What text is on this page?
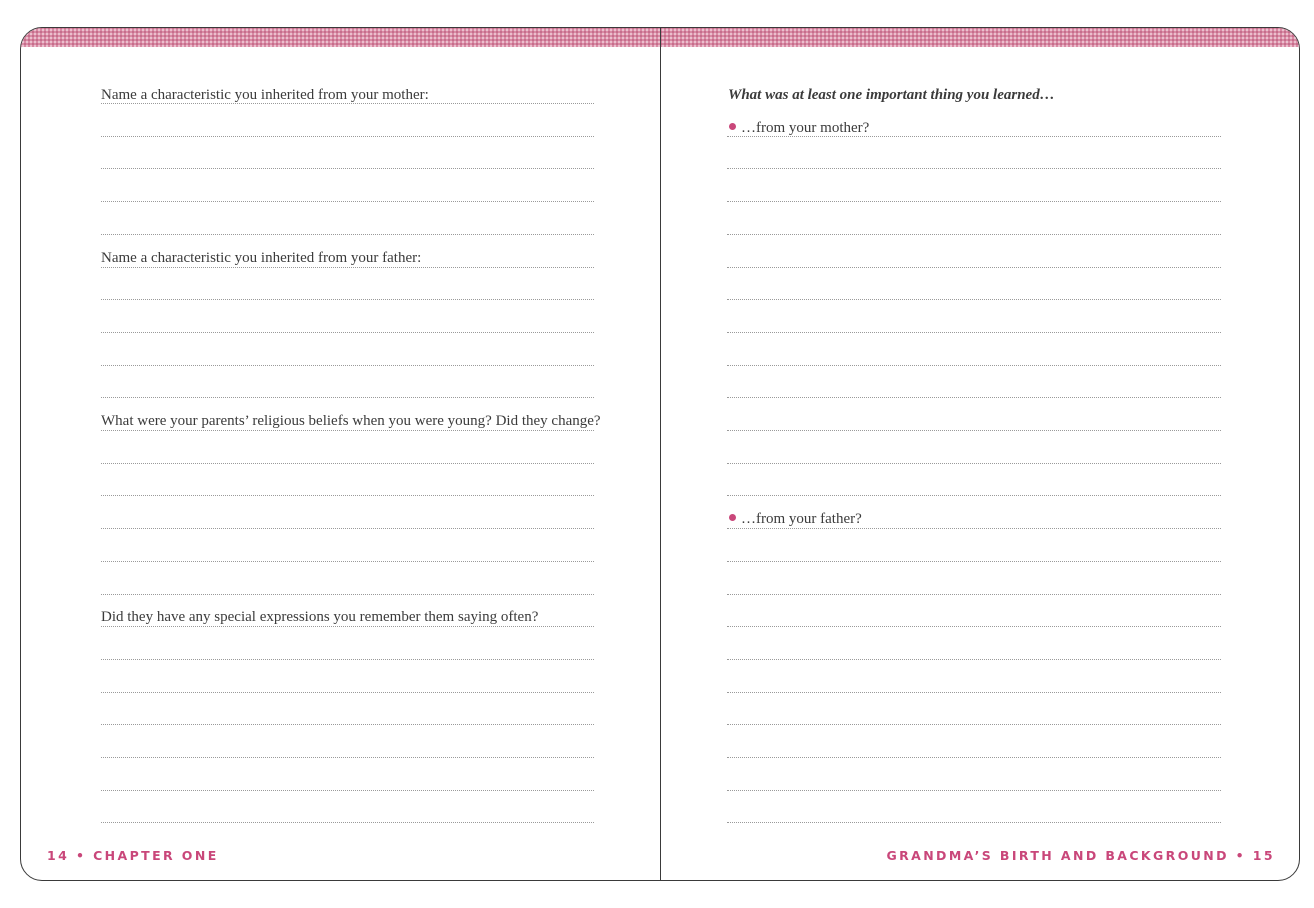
Name a characteristic you inherited from your mother:
Name a characteristic you inherited from your father:
What were your parents’ religious beliefs when you were young? Did they change?
Did they have any special expressions you remember them saying often?
14 • CHAPTER ONE
What was at least one important thing you learned…
…from your mother?
…from your father?
GRANDMA’S BIRTH AND BACKGROUND • 15
